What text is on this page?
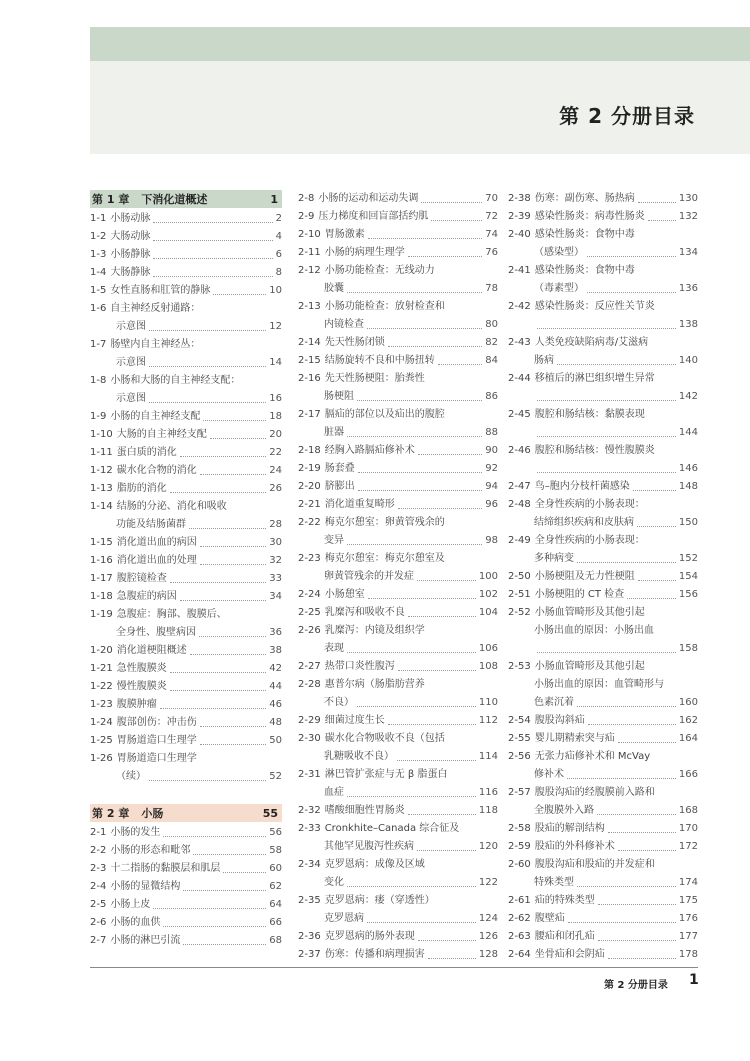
第 2 分册目录
第 1 章 下消化道概述	1
1-1 小肠动脉	2
1-2 大肠动脉	4
1-3 小肠静脉	6
1-4 大肠静脉	8
1-5 女性直肠和肛管的静脉	10
1-6 自主神经反射通路：
示意图	12
1-7 肠壁内自主神经丛：
示意图	14
1-8 小肠和大肠的自主神经支配：
示意图	16
1-9 小肠的自主神经支配	18
1-10 大肠的自主神经支配	20
1-11 蛋白质的消化	22
1-12 碳水化合物的消化	24
1-13 脂肪的消化	26
1-14 结肠的分泌、消化和吸收
功能及结肠菌群	28
1-15 消化道出血的病因	30
1-16 消化道出血的处理	32
1-17 腹腔镜检查	33
1-18 急腹症的病因	34
1-19 急腹症：胸部、腹膜后、
全身性、腹壁病因	36
1-20 消化道梗阻概述	38
1-21 急性腹膜炎	42
1-22 慢性腹膜炎	44
1-23 腹膜肿瘤	46
1-24 腹部创伤：冲击伤	48
1-25 胃肠道造口生理学	50
1-26 胃肠道造口生理学
（续）	52
第 2 章 小肠	55
2-1 小肠的发生	56
2-2 小肠的形态和毗邻	58
2-3 十二指肠的黏膜层和肌层	60
2-4 小肠的显微结构	62
2-5 小肠上皮	64
2-6 小肠的血供	66
2-7 小肠的淋巴引流	68
2-8 小肠的运动和运动失调	70
2-9 压力梯度和回盲部括约肌	72
2-10 胃肠激素	74
2-11 小肠的病理生理学	76
2-12 小肠功能检查：无线动力
胶囊	78
2-13 小肠功能检查：放射检查和
内镜检查	80
2-14 先天性肠闭锁	82
2-15 结肠旋转不良和中肠扭转	84
2-16 先天性肠梗阻：胎粪性
肠梗阻	86
2-17 膈疝的部位以及疝出的腹腔
脏器	88
2-18 经胸入路膈疝修补术	90
2-19 肠套叠	92
2-20 脐膨出	94
2-21 消化道重复畸形	96
2-22 梅克尔憩室：卵黄管残余的
变异	98
2-23 梅克尔憩室：梅克尔憩室及
卵黄管残余的并发症	100
2-24 小肠憩室	102
2-25 乳糜泻和吸收不良	104
2-26 乳糜泻：内镜及组织学
表现	106
2-27 热带口炎性腹泻	108
2-28 惠普尔病（肠脂肪营养
不良）	110
2-29 细菌过度生长	112
2-30 碳水化合物吸收不良（包括
乳糖吸收不良）	114
2-31 淋巴管扩张症与无 β 脂蛋白
血症	116
2-32 嗜酸细胞性胃肠炎	118
2-33 Cronkhite–Canada 综合征及
其他罕见腹泻性疾病	120
2-34 克罗恩病：成像及区域
变化	122
2-35 克罗恩病：瘘（穿透性）
克罗恩病	124
2-36 克罗恩病的肠外表现	126
2-37 伤寒：传播和病理损害	128
2-38 伤寒：副伤寒、肠热病	130
2-39 感染性肠炎：病毒性肠炎	132
2-40 感染性肠炎：食物中毒
（感染型）	134
2-41 感染性肠炎：食物中毒
（毒素型）	136
2-42 感染性肠炎：反应性关节炎
138
2-43 人类免疫缺陷病毒/艾滋病
肠病	140
2-44 移植后的淋巴组织增生异常
142
2-45 腹腔和肠结核：黏膜表现
144
2-46 腹腔和肠结核：慢性腹膜炎
146
2-47 鸟–胞内分枝杆菌感染	148
2-48 全身性疾病的小肠表现：
结缔组织疾病和皮肤病	150
2-49 全身性疾病的小肠表现：
多种病变	152
2-50 小肠梗阻及无力性梗阻	154
2-51 小肠梗阻的 CT 检查	156
2-52 小肠血管畸形及其他引起
小肠出血的原因：小肠出血
158
2-53 小肠血管畸形及其他引起
小肠出血的原因：血管畸形与
色素沉着	160
2-54 腹股沟斜疝	162
2-55 婴儿期精索突与疝	164
2-56 无张力疝修补术和 McVay
修补术	166
2-57 腹股沟疝的经腹膜前入路和
全腹膜外入路	168
2-58 股疝的解剖结构	170
2-59 股疝的外科修补术	172
2-60 腹股沟疝和股疝的并发症和
特殊类型	174
2-61 疝的特殊类型	175
2-62 腹壁疝	176
2-63 腰疝和闭孔疝	177
2-64 坐骨疝和会阴疝	178
第 2 分册目录 1
